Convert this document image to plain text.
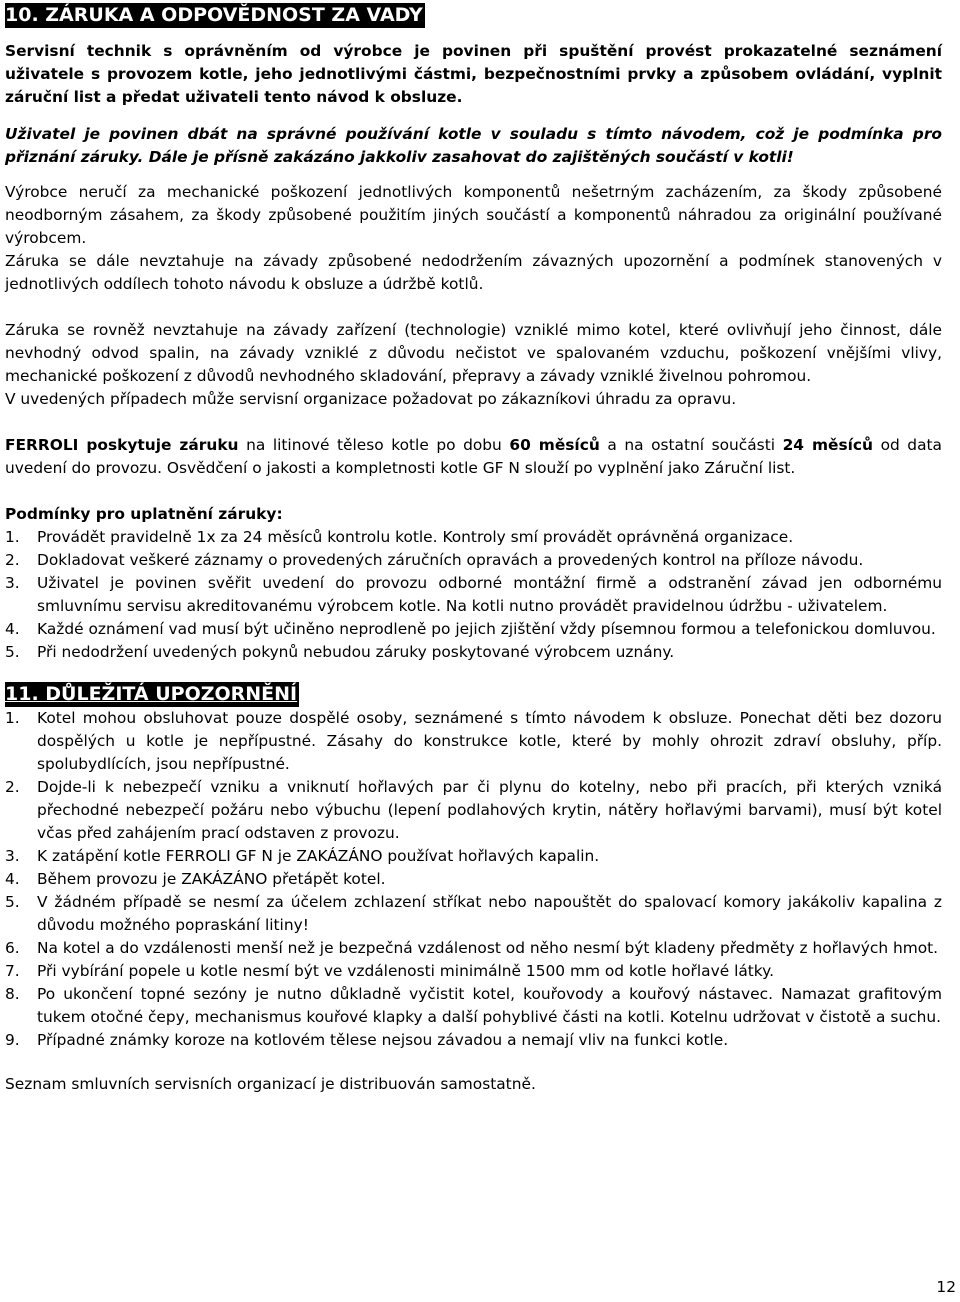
10. ZÁRUKA A ODPOVĚDNOST ZA VADY

Servisní technik s oprávněním od výrobce je povinen při spuštění provést prokazatelné seznámení uživatele s provozem kotle, jeho jednotlivými částmi, bezpečnostními prvky a způsobem ovládání, vyplnit záruční list a předat uživateli tento návod k obsluze.

Uživatel je povinen dbát na správné používání kotle v souladu s tímto návodem, což je podmínka pro přiznání záruky. Dále je přísně zakázáno jakkoliv zasahovat do zajištěných součástí v kotli!

Výrobce neručí za mechanické poškození jednotlivých komponentů nešetrným zacházením, za škody způsobené neodborným zásahem, za škody způsobené použitím jiných součástí a komponentů náhradou za originální používané výrobcem.

Záruka se dále nevztahuje na závady způsobené nedodržením závazných upozornění a podmínek stanovených v jednotlivých oddílech tohoto návodu k obsluze a údržbě kotlů.

Záruka se rovněž nevztahuje na závady zařízení (technologie) vzniklé mimo kotel, které ovlivňují jeho činnost, dále nevhodný odvod spalin, na závady vzniklé z důvodu nečistot ve spalovaném vzduchu, poškození vnějšími vlivy, mechanické poškození z důvodů nevhodného skladování, přepravy a závady vzniklé živelnou pohromou.

V uvedených případech může servisní organizace požadovat po zákazníkovi úhradu za opravu.

FERROLI poskytuje záruku na litinové těleso kotle po dobu 60 měsíců a na ostatní součásti 24 měsíců od data uvedení do provozu. Osvědčení o jakosti a kompletnosti kotle GF N slouží po vyplnění jako Záruční list.

Podmínky pro uplatnění záruky:

1. Provádět pravidelně 1x za 24 měsíců kontrolu kotle. Kontroly smí provádět oprávněná organizace.
2. Dokladovat veškeré záznamy o provedených záručních opravách a provedených kontrol na příloze návodu.
3. Uživatel je povinen svěřit uvedení do provozu odborné montážní firmě a odstranění závad jen odbornému smluvnímu servisu akreditovanému výrobcem kotle. Na kotli nutno provádět pravidelnou údržbu - uživatelem.
4. Každé oznámení vad musí být učiněno neprodleně po jejich zjištění vždy písemnou formou a telefonickou domluvou.
5. Při nedodržení uvedených pokynů nebudou záruky poskytované výrobcem uznány.
11. DŮLEŽITÁ UPOZORNĚNÍ
1. Kotel mohou obsluhovat pouze dospělé osoby, seznámené s tímto návodem k obsluze. Ponechat děti bez dozoru dospělých u kotle je nepřípustné. Zásahy do konstrukce kotle, které by mohly ohrozit zdraví obsluhy, příp. spolubydlících, jsou nepřípustné.
2. Dojde-li k nebezpečí vzniku a vniknutí hořlavých par či plynu do kotelny, nebo při pracích, při kterých vzniká přechodné nebezpečí požáru nebo výbuchu (lepení podlahových krytin, nátěry hořlavými barvami), musí být kotel včas před zahájením prací odstaven z provozu.
3. K zatápění kotle FERROLI GF N je ZAKÁZÁNO používat hořlavých kapalin.
4. Během provozu je ZAKÁZÁNO přetápět kotel.
5. V žádném případě se nesmí za účelem zchlazení stříkat nebo napouštět do spalovací komory jakákoliv kapalina z důvodu možného popraskání litiny!
6. Na kotel a do vzdálenosti menší než je bezpečná vzdálenost od něho nesmí být kladeny předměty z hořlavých hmot.
7. Při vybírání popele u kotle nesmí být ve vzdálenosti minimálně 1500 mm od kotle hořlavé látky.
8. Po ukončení topné sezóny je nutno důkladně vyčistit kotel, kouřovody a kouřový nástavec. Namazat grafitovým tukem otočné čepy, mechanismus kouřové klapky a další pohyblivé části na kotli. Kotelnu udržovat v čistotě a suchu.
9. Případné známky koroze na kotlovém tělese nejsou závadou a nemají vliv na funkci kotle.

Seznam smluvních servisních organizací je distribuován samostatně.

12
